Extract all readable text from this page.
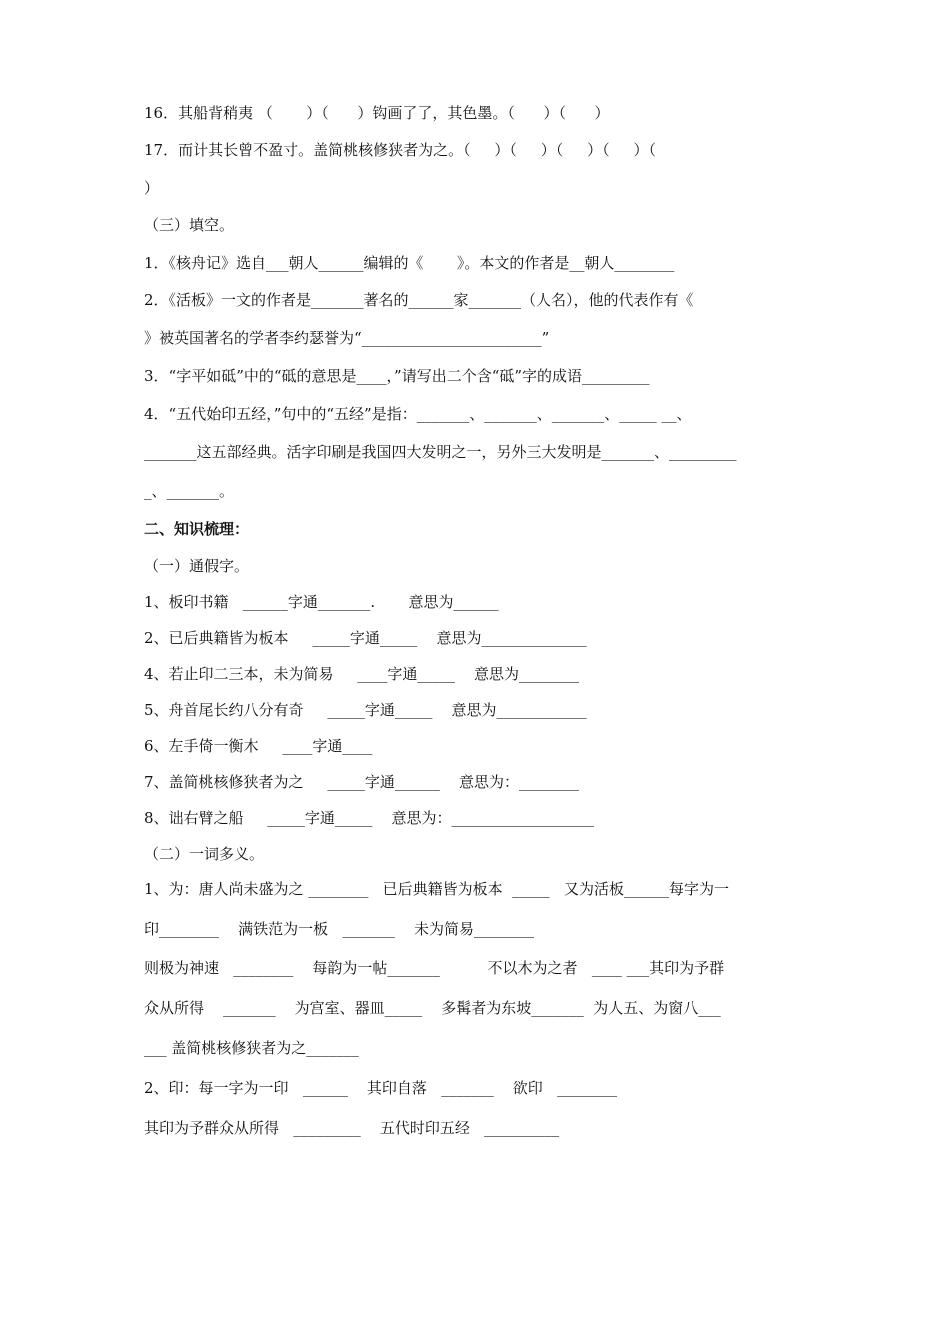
16．其船背稍夷 （       ）（      ）钩画了了，其色墨。（      ）（      ）
17．而计其长曾不盈寸。盖简桃核修狭者为之。（     ）（     ）（     ）（     ）（
）
（三）填空。
1．《核舟记》选自___朝人______编辑的《       》。本文的作者是__朝人________
2．《活板》一文的作者是_______著名的______家_______（人名），他的代表作有《
》被英国著名的学者李约瑟誉为“________________________”
3．“字平如砥”中的“砥的意思是____，”请写出二个含“砥”字的成语_________
4．“五代始印五经，”句中的“五经”是指：_______、_______、_______、_____ __、
_______这五部经典。活字印刷是我国四大发明之一，另外三大发明是_______、_________
_、_______。
二、知识梳理：
（一）通假字。
1、板印书籍   ______字通_______.       意思为______
2、已后典籍皆为板本     _____字通_____    意思为______________
4、若止印二三本，未为简易     ____字通_____    意思为________
5、舟首尾长约八分有奇     _____字通_____    意思为____________
6、左手倚一衡木     ____字通____
7、盖简桃核修狭者为之     _____字通______    意思为：________
8、诎右臂之船     _____字通_____    意思为：___________________
（二）一词多义。
1、为：唐人尚未盛为之 ________   已后典籍皆为板本  _____   又为活板______每字为一
印________    满铁范为一板   _______    未为简易________
则极为神速   ________    每韵为一帖_______          不以木为之者   ____ ___其印为予群
众从所得    _______    为宫室、器皿_____    多髯者为东坡_______  为人五、为窗八___
___ 盖简桃核修狭者为之_______
2、印：每一字为一印   ______    其印自落   _______    欲印   ________
其印为予群众从所得   _________    五代时印五经   __________
